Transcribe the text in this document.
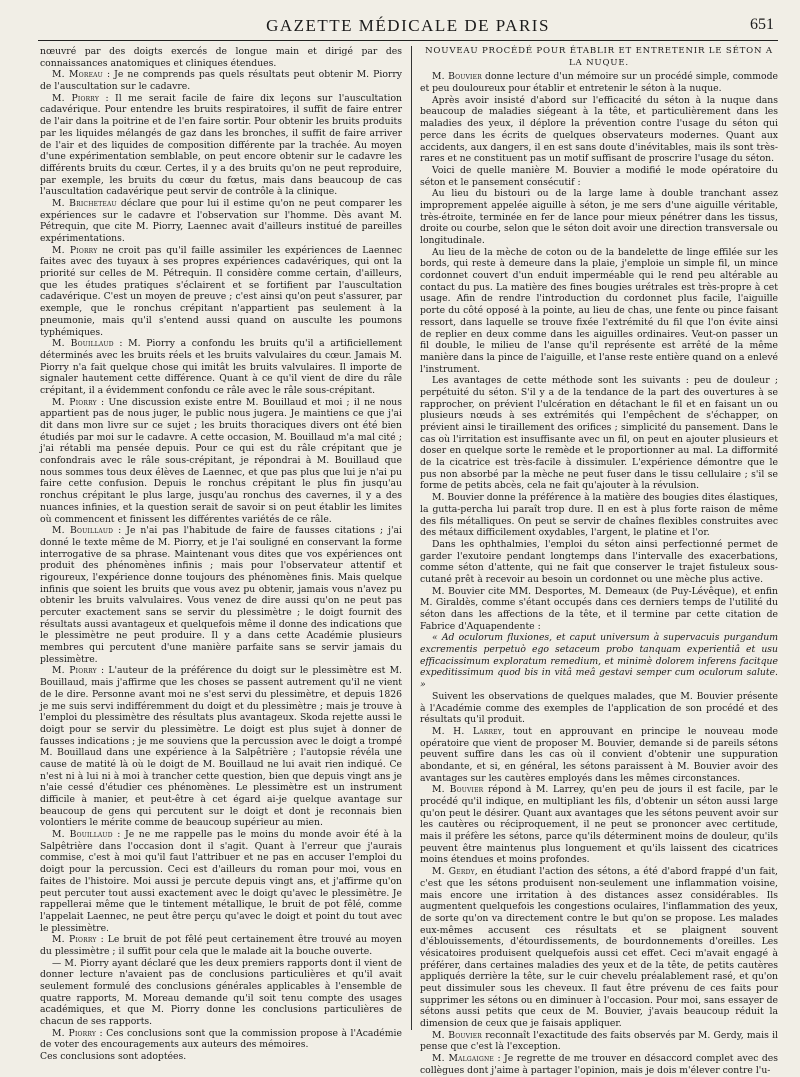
GAZETTE MÉDICALE DE PARIS	651

nœuvré par des doigts exercés de longue main et dirigé par des connaissances anatomiques et cliniques étendues.

M. Moreau : Je ne comprends pas quels résultats peut obtenir M. Piorry de l'auscultation sur le cadavre.

M. Piorry : Il me serait facile de faire dix leçons sur l'auscultation cadavérique. Pour entendre les bruits respiratoires, il suffit de faire entrer de l'air dans la poitrine et de l'en faire sortir. Pour obtenir les bruits produits par les liquides mélangés de gaz dans les bronches, il suffit de faire arriver de l'air et des liquides de composition différente par la trachée. Au moyen d'une expérimentation semblable, on peut encore obtenir sur le cadavre les différents bruits du cœur. Certes, il y a des bruits qu'on ne peut reproduire, par exemple, les bruits du cœur du fœtus, mais dans beaucoup de cas l'auscultation cadavérique peut servir de contrôle à la clinique.

M. Bricheteau déclare que pour lui il estime qu'on ne peut comparer les expériences sur le cadavre et l'observation sur l'homme. Dès avant M. Pétrequin, que cite M. Piorry, Laennec avait d'ailleurs institué de pareilles expérimentations.

M. Piorry ne croit pas qu'il faille assimiler les expériences de Laennec faites avec des tuyaux à ses propres expériences cadavériques, qui ont la priorité sur celles de M. Pétrequin. Il considère comme certain, d'ailleurs, que les études pratiques s'éclairent et se fortifient par l'auscultation cadavérique. C'est un moyen de preuve ; c'est ainsi qu'on peut s'assurer, par exemple, que le ronchus crépitant n'appartient pas seulement à la pneumonie, mais qu'il s'entend aussi quand on ausculte les poumons typhémiques.

M. Bouillaud : M. Piorry a confondu les bruits qu'il a artificiellement déterminés avec les bruits réels et les bruits valvulaires du cœur. Jamais M. Piorry n'a fait quelque chose qui imitât les bruits valvulaires. Il importe de signaler hautement cette différence. Quant à ce qu'il vient de dire du râle crépitant, il a évidemment confondu ce râle avec le râle sous-crépitant.

M. Piorry : Une discussion existe entre M. Bouillaud et moi ; il ne nous appartient pas de nous juger, le public nous jugera. Je maintiens ce que j'ai dit dans mon livre sur ce sujet ; les bruits thoraciques divers ont été bien étudiés par moi sur le cadavre. A cette occasion, M. Bouillaud m'a mal cité ; j'ai rétabli ma pensée depuis. Pour ce qui est du râle crépitant que je confondrais avec le râle sous-crépitant, je répondrai à M. Bouillaud que nous sommes tous deux élèves de Laennec, et que pas plus que lui je n'ai pu faire cette confusion. Depuis le ronchus crépitant le plus fin jusqu'au ronchus crépitant le plus large, jusqu'au ronchus des cavernes, il y a des nuances infinies, et la question serait de savoir si on peut établir les limites où commencent et finissent les différentes variétés de ce râle.

M. Bouillaud : Je n'ai pas l'habitude de faire de fausses citations ; j'ai donné le texte même de M. Piorry, et je l'ai souligné en conservant la forme interrogative de sa phrase. Maintenant vous dites que vos expériences ont produit des phénomènes infinis ; mais pour l'observateur attentif et rigoureux, l'expérience donne toujours des phénomènes finis. Mais quelque infinis que soient les bruits que vous avez pu obtenir, jamais vous n'avez pu obtenir les bruits valvulaires. Vous venez de dire aussi qu'on ne peut pas percuter exactement sans se servir du plessimètre ; le doigt fournit des résultats aussi avantageux et quelquefois même il donne des indications que le plessimètre ne peut produire. Il y a dans cette Académie plusieurs membres qui percutent d'une manière parfaite sans se servir jamais du plessimètre.

M. Piorry : L'auteur de la préférence du doigt sur le plessimètre est M. Bouillaud, mais j'affirme que les choses se passent autrement qu'il ne vient de le dire. Personne avant moi ne s'est servi du plessimètre, et depuis 1826 je me suis servi indifféremment du doigt et du plessimètre ; mais je trouve à l'emploi du plessimètre des résultats plus avantageux. Skoda rejette aussi le doigt pour se servir du plessimètre. Le doigt est plus sujet à donner de fausses indications ; je me souviens que la percussion avec le doigt a trompé M. Bouillaud dans une expérience à la Salpêtrière ; l'autopsie révéla une cause de matité là où le doigt de M. Bouillaud ne lui avait rien indiqué. Ce n'est ni à lui ni à moi à trancher cette question, bien que depuis vingt ans je n'aie cessé d'étudier ces phénomènes. Le plessimètre est un instrument difficile à manier, et peut-être à cet égard ai-je quelque avantage sur beaucoup de gens qui percutent sur le doigt et dont je reconnais bien volontiers le mérite comme de beaucoup supérieur au mien.

M. Bouillaud : Je ne me rappelle pas le moins du monde avoir été à la Salpêtrière dans l'occasion dont il s'agit. Quant à l'erreur que j'aurais commise, c'est à moi qu'il faut l'attribuer et ne pas en accuser l'emploi du doigt pour la percussion. Ceci est d'ailleurs du roman pour moi, vous en faites de l'histoire. Moi aussi je percute depuis vingt ans, et j'affirme qu'on peut percuter tout aussi exactement avec le doigt qu'avec le plessimètre. Je rappellerai même que le tintement métallique, le bruit de pot fêlé, comme l'appelait Laennec, ne peut être perçu qu'avec le doigt et point du tout avec le plessimètre.

M. Piorry : Le bruit de pot fêlé peut certainement être trouvé au moyen du plessimètre ; il suffit pour cela que le malade ait la bouche ouverte.

— M. Piorry ayant déclaré que les deux premiers rapports dont il vient de donner lecture n'avaient pas de conclusions particulières et qu'il avait seulement formulé des conclusions générales applicables à l'ensemble de quatre rapports, M. Moreau demande qu'il soit tenu compte des usages académiques, et que M. Piorry donne les conclusions particulières de chacun de ses rapports.

M. Piorry : Ces conclusions sont que la commission propose à l'Académie de voter des encouragements aux auteurs des mémoires.

Ces conclusions sont adoptées.

NOUVEAU PROCÉDÉ POUR ÉTABLIR ET ENTRETENIR LE SÉTON A LA NUQUE.

M. Bouvier donne lecture d'un mémoire sur un procédé simple, commode et peu douloureux pour établir et entretenir le séton à la nuque.

Après avoir insisté d'abord sur l'efficacité du séton à la nuque dans beaucoup de maladies siégeant à la tête, et particulièrement dans les maladies des yeux, il déplore la prévention contre l'usage du séton qui perce dans les écrits de quelques observateurs modernes. Quant aux accidents, aux dangers, il en est sans doute d'inévitables, mais ils sont très-rares et ne constituent pas un motif suffisant de proscrire l'usage du séton.

Voici de quelle manière M. Bouvier a modifié le mode opératoire du séton et le pansement consécutif :

Au lieu du bistouri ou de la large lame à double tranchant assez improprement appelée aiguille à séton, je me sers d'une aiguille véritable, très-étroite, terminée en fer de lance pour mieux pénétrer dans les tissus, droite ou courbe, selon que le séton doit avoir une direction transversale ou longitudinale.

Au lieu de la mèche de coton ou de la bandelette de linge effilée sur les bords, qui reste à demeure dans la plaie, j'emploie un simple fil, un mince cordonnet couvert d'un enduit imperméable qui le rend peu altérable au contact du pus. La matière des fines bougies urétrales est très-propre à cet usage. Afin de rendre l'introduction du cordonnet plus facile, l'aiguille porte du côté opposé à la pointe, au lieu de chas, une fente ou pince faisant ressort, dans laquelle se trouve fixée l'extrémité du fil que l'on évite ainsi de replier en deux comme dans les aiguilles ordinaires. Veut-on passer un fil double, le milieu de l'anse qu'il représente est arrêté de la même manière dans la pince de l'aiguille, et l'anse reste entière quand on a enlevé l'instrument.

Les avantages de cette méthode sont les suivants : peu de douleur ; perpétuité du séton. S'il y a de la tendance de la part des ouvertures à se rapprocher, on prévient l'ulcération en détachant le fil et en faisant un ou plusieurs nœuds à ses extrémités qui l'empêchent de s'échapper, on prévient ainsi le tiraillement des orifices ; simplicité du pansement. Dans le cas où l'irritation est insuffisante avec un fil, on peut en ajouter plusieurs et doser en quelque sorte le remède et le proportionner au mal. La difformité de la cicatrice est très-facile à dissimuler. L'expérience démontre que le pus non absorbé par la mèche ne peut fuser dans le tissu cellulaire ; s'il se forme de petits abcès, cela ne fait qu'ajouter à la révulsion.

M. Bouvier donne la préférence à la matière des bougies dites élastiques, la gutta-percha lui paraît trop dure. Il en est à plus forte raison de même des fils métalliques. On peut se servir de chaînes flexibles construites avec des métaux difficilement oxydables, l'argent, le platine et l'or.

Dans les ophthalmies, l'emploi du séton ainsi perfectionné permet de garder l'exutoire pendant longtemps dans l'intervalle des exacerbations, comme séton d'attente, qui ne fait que conserver le trajet fistuleux sous-cutané prêt à recevoir au besoin un cordonnet ou une mèche plus active.

M. Bouvier cite MM. Desportes, M. Demeaux (de Puy-Lévêque), et enfin M. Giraldès, comme s'étant occupés dans ces derniers temps de l'utilité du séton dans les affections de la tête, et il termine par cette citation de Fabrice d'Aquapendente :

« Ad oculorum fluxiones, et caput universum à supervacuis purgandum excrementis perpetuò ego setaceum probo tanquam experientiâ et usu efficacissimum exploratum remedium, et minimè dolorem inferens facitque expeditissimum quod bis in vitâ meâ gestavi semper cum oculorum salute. »

Suivent les observations de quelques malades, que M. Bouvier présente à l'Académie comme des exemples de l'application de son procédé et des résultats qu'il produit.

M. H. Larrey, tout en approuvant en principe le nouveau mode opératoire que vient de proposer M. Bouvier, demande si de pareils sétons peuvent suffire dans les cas où il convient d'obtenir une suppuration abondante, et si, en général, les sétons paraissent à M. Bouvier avoir des avantages sur les cautères employés dans les mêmes circonstances.

M. Bouvier répond à M. Larrey, qu'en peu de jours il est facile, par le procédé qu'il indique, en multipliant les fils, d'obtenir un séton aussi large qu'on peut le désirer. Quant aux avantages que les sétons peuvent avoir sur les cautères ou réciproquement, il ne peut se prononcer avec certitude, mais il préfère les sétons, parce qu'ils déterminent moins de douleur, qu'ils peuvent être maintenus plus longuement et qu'ils laissent des cicatrices moins étendues et moins profondes.

M. Gerdy, en étudiant l'action des sétons, a été d'abord frappé d'un fait, c'est que les sétons produisent non-seulement une inflammation voisine, mais encore une irritation à des distances assez considérables. Ils augmentent quelquefois les congestions oculaires, l'inflammation des yeux, de sorte qu'on va directement contre le but qu'on se propose. Les malades eux-mêmes accusent ces résultats et se plaignent souvent d'éblouissements, d'étourdissements, de bourdonnements d'oreilles. Les vésicatoires produisent quelquefois aussi cet effet. Ceci m'avait engagé à préférer, dans certaines maladies des yeux et de la tête, de petits cautères appliqués derrière la tête, sur le cuir chevelu préalablement rasé, et qu'on peut dissimuler sous les cheveux. Il faut être prévenu de ces faits pour supprimer les sétons ou en diminuer à l'occasion. Pour moi, sans essayer de sétons aussi petits que ceux de M. Bouvier, j'avais beaucoup réduit la dimension de ceux que je faisais appliquer.

M. Bouvier reconnaît l'exactitude des faits observés par M. Gerdy, mais il pense que c'est là l'exception.

M. Malgaigne : Je regrette de me trouver en désaccord complet avec des collègues dont j'aime à partager l'opinion, mais je dois m'élever contre l'u-
